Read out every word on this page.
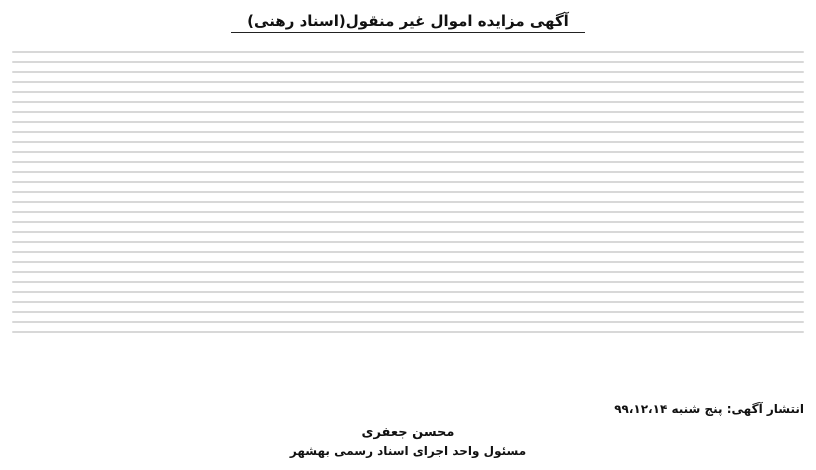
آگهی مزایده اموال غیر منقول(اسناد رهنی)
انتشار آگهی: پنج شنبه ۹۹،۱۲،۱۴
محسن جعفری
مسئول واحد اجرای اسناد رسمی بهشهر
